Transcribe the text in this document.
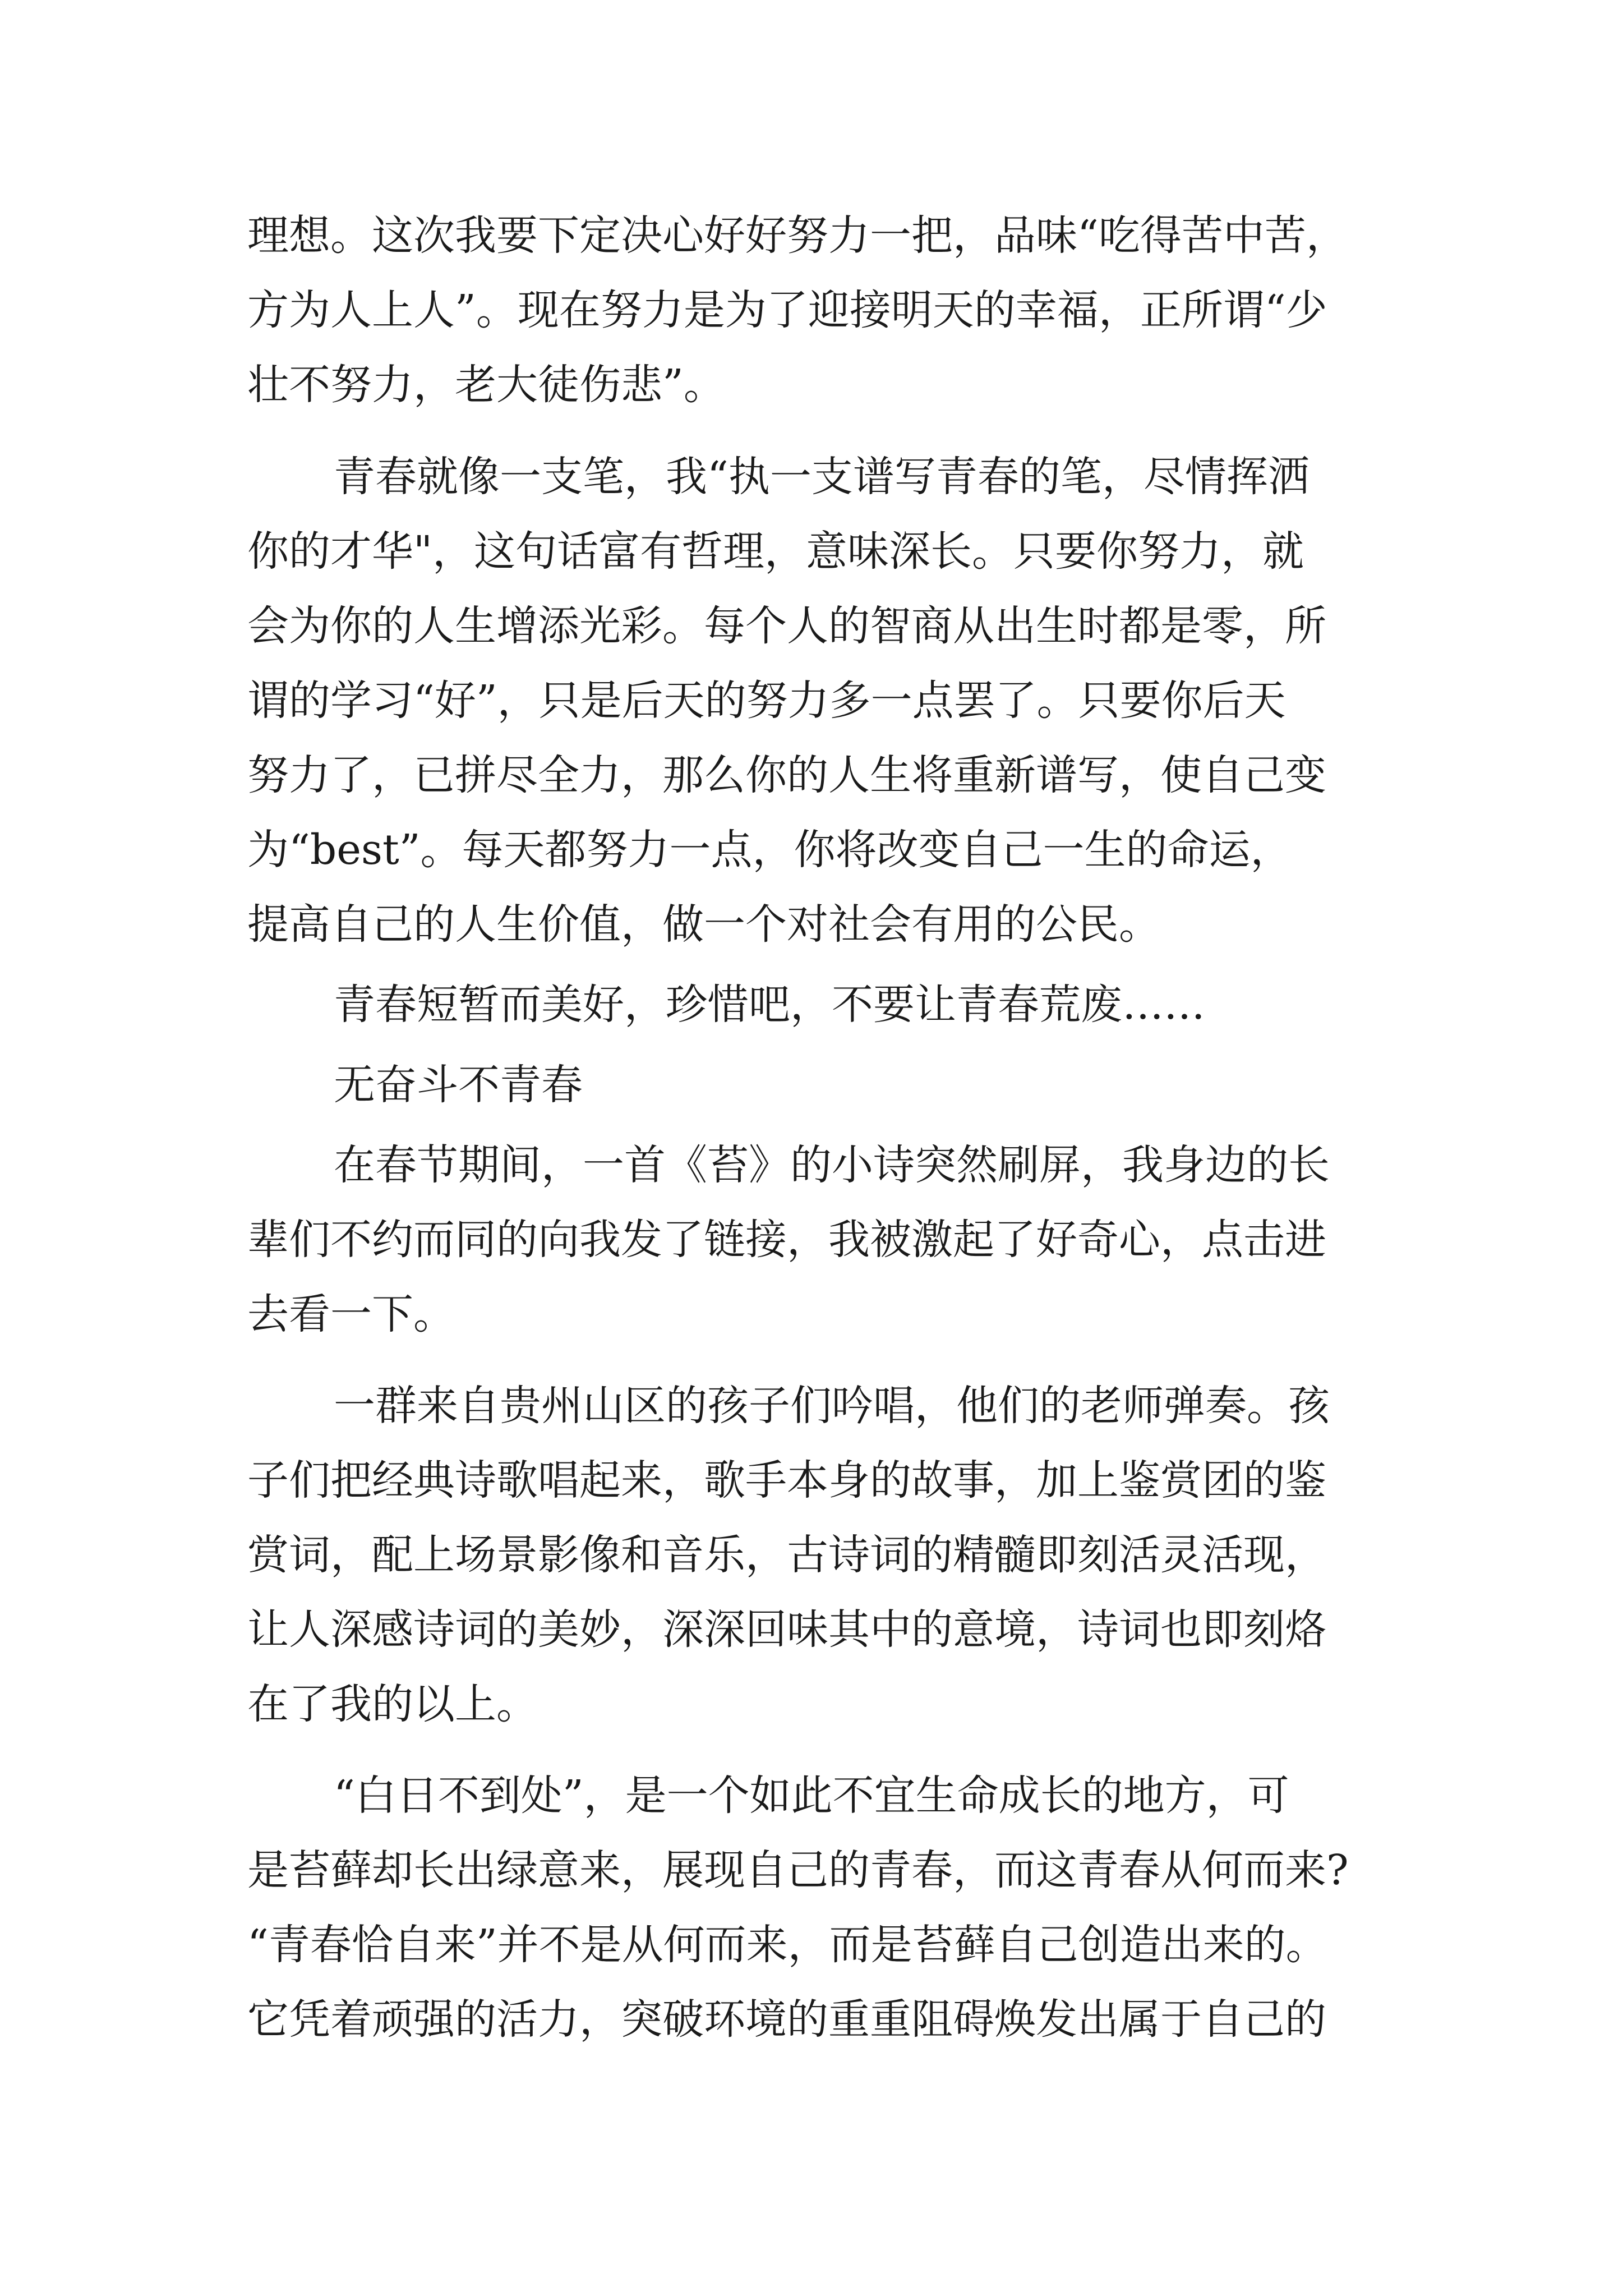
理想。这次我要下定决心好好努力一把，品味“吃得苦中苦，
方为人上人”。现在努力是为了迎接明天的幸福，正所谓“少
壮不努力，老大徒伤悲”。
青春就像一支笔，我“执一支谱写青春的笔，尽情挥洒
你的才华"，这句话富有哲理，意味深长。只要你努力，就
会为你的人生增添光彩。每个人的智商从出生时都是零，所
谓的学习“好”，只是后天的努力多一点罢了。只要你后天
努力了，已拼尽全力，那么你的人生将重新谱写，使自己变
为“best”。每天都努力一点，你将改变自己一生的命运，
提高自己的人生价值，做一个对社会有用的公民。
青春短暂而美好，珍惜吧，不要让青春荒废……
无奋斗不青春
在春节期间，一首《苔》的小诗突然刷屏，我身边的长
辈们不约而同的向我发了链接，我被激起了好奇心，点击进
去看一下。
一群来自贵州山区的孩子们吟唱，他们的老师弹奏。孩
子们把经典诗歌唱起来，歌手本身的故事，加上鉴赏团的鉴
赏词，配上场景影像和音乐，古诗词的精髓即刻活灵活现，
让人深感诗词的美妙，深深回味其中的意境，诗词也即刻烙
在了我的以上。
“白日不到处”，是一个如此不宜生命成长的地方，可
是苔藓却长出绿意来，展现自己的青春，而这青春从何而来?
“青春恰自来”并不是从何而来，而是苔藓自己创造出来的。
它凭着顽强的活力，突破环境的重重阻碍焕发出属于自己的
